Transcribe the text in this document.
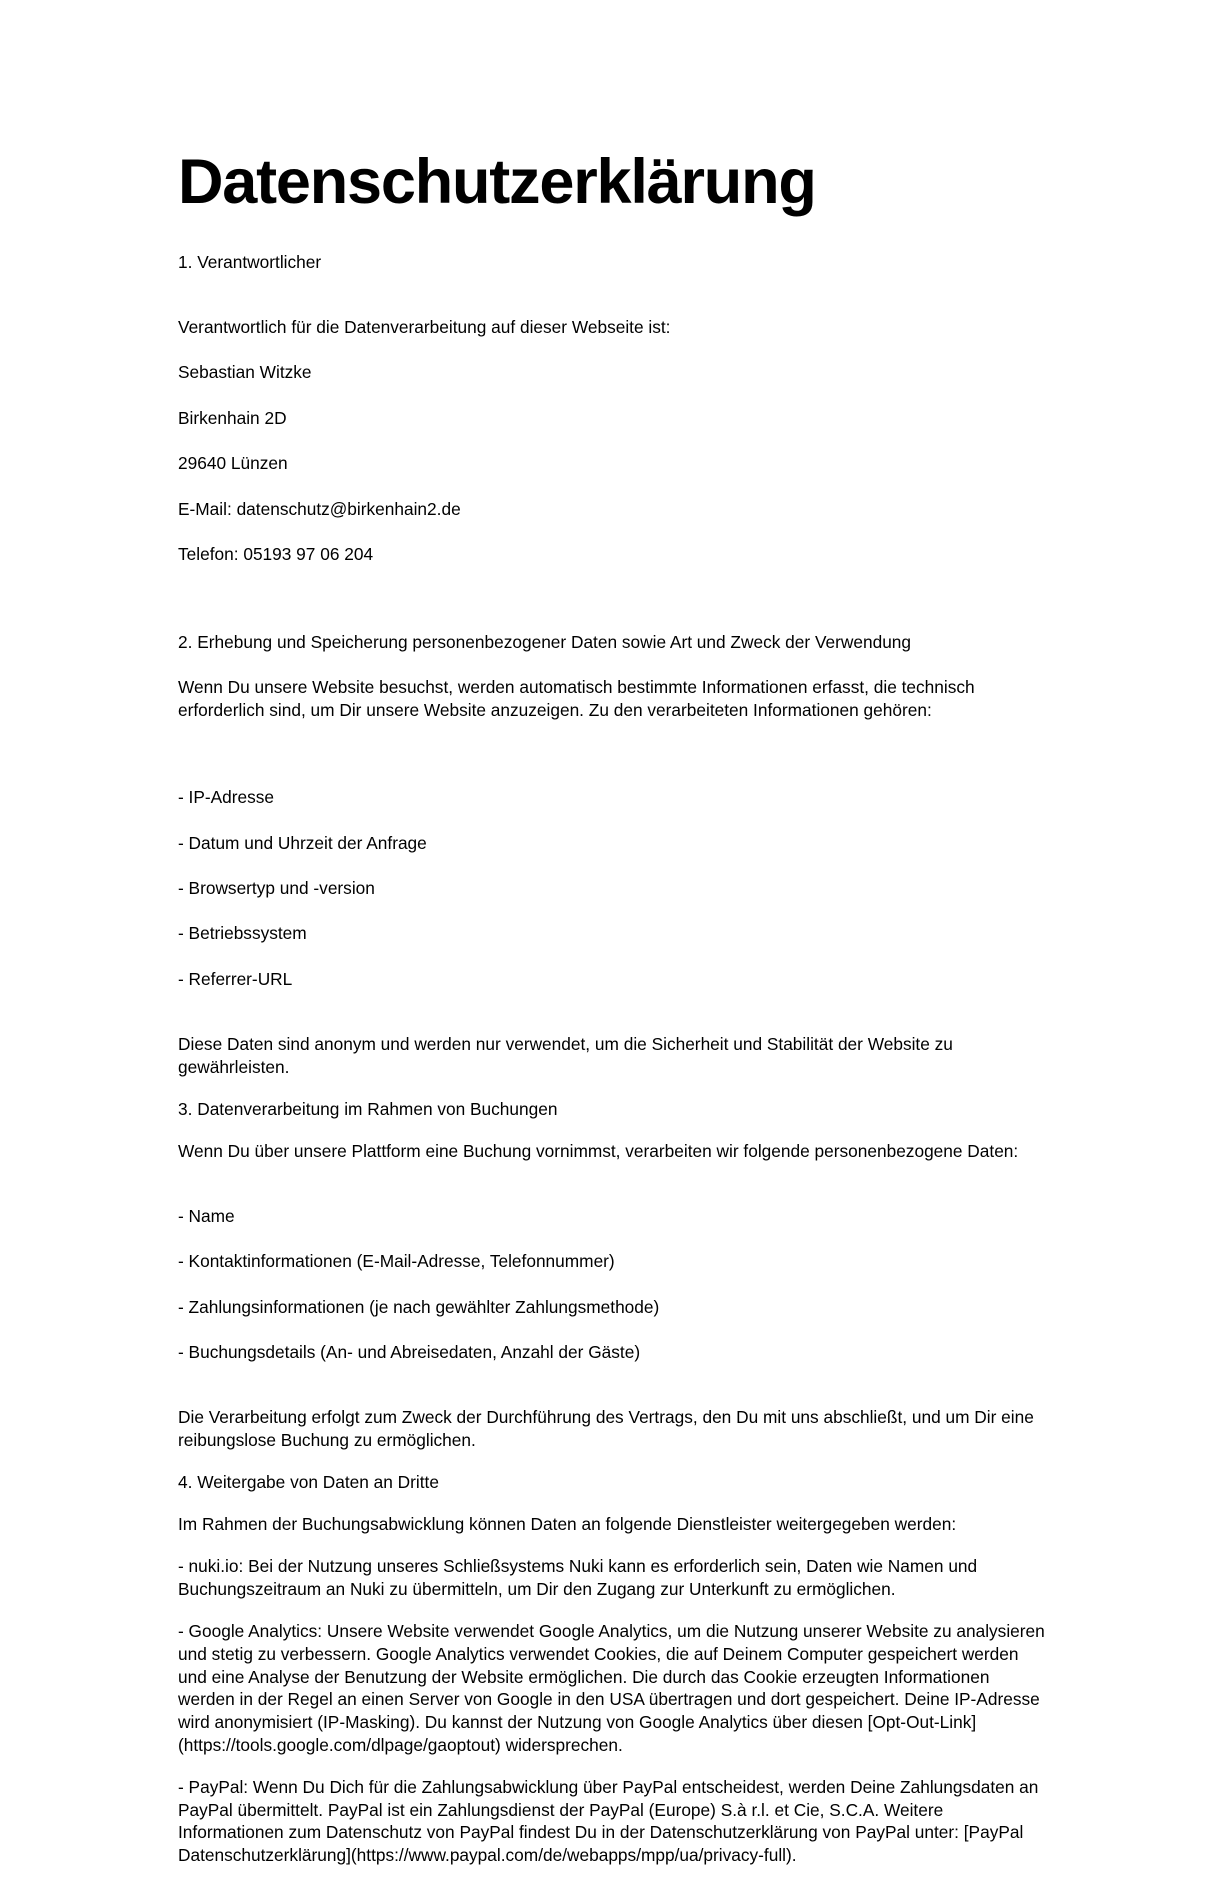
Datenschutzerklärung
1. Verantwortlicher

Verantwortlich für die Datenverarbeitung auf dieser Webseite ist:

Sebastian Witzke

Birkenhain 2D

29640 Lünzen

E-Mail: datenschutz@birkenhain2.de

Telefon: 05193 97 06 204

2. Erhebung und Speicherung personenbezogener Daten sowie Art und Zweck der Verwendung

Wenn Du unsere Website besuchst, werden automatisch bestimmte Informationen erfasst, die technisch erforderlich sind, um Dir unsere Website anzuzeigen. Zu den verarbeiteten Informationen gehören:

- IP-Adresse

- Datum und Uhrzeit der Anfrage

- Browsertyp und -version

- Betriebssystem

- Referrer-URL

Diese Daten sind anonym und werden nur verwendet, um die Sicherheit und Stabilität der Website zu gewährleisten.
3. Datenverarbeitung im Rahmen von Buchungen
Wenn Du über unsere Plattform eine Buchung vornimmst, verarbeiten wir folgende personenbezogene Daten:

- Name

- Kontaktinformationen (E-Mail-Adresse, Telefonnummer)

- Zahlungsinformationen (je nach gewählter Zahlungsmethode)

- Buchungsdetails (An- und Abreisedaten, Anzahl der Gäste)

Die Verarbeitung erfolgt zum Zweck der Durchführung des Vertrags, den Du mit uns abschließt, und um Dir eine reibungslose Buchung zu ermöglichen.
4. Weitergabe von Daten an Dritte
Im Rahmen der Buchungsabwicklung können Daten an folgende Dienstleister weitergegeben werden:
- nuki.io: Bei der Nutzung unseres Schließsystems Nuki kann es erforderlich sein, Daten wie Namen und Buchungszeitraum an Nuki zu übermitteln, um Dir den Zugang zur Unterkunft zu ermöglichen.
- Google Analytics: Unsere Website verwendet Google Analytics, um die Nutzung unserer Website zu analysieren und stetig zu verbessern. Google Analytics verwendet Cookies, die auf Deinem Computer gespeichert werden und eine Analyse der Benutzung der Website ermöglichen. Die durch das Cookie erzeugten Informationen werden in der Regel an einen Server von Google in den USA übertragen und dort gespeichert. Deine IP-Adresse wird anonymisiert (IP-Masking). Du kannst der Nutzung von Google Analytics über diesen [Opt-Out-Link](https://tools.google.com/dlpage/gaoptout) widersprechen.
- PayPal: Wenn Du Dich für die Zahlungsabwicklung über PayPal entscheidest, werden Deine Zahlungsdaten an PayPal übermittelt. PayPal ist ein Zahlungsdienst der PayPal (Europe) S.à r.l. et Cie, S.C.A. Weitere Informationen zum Datenschutz von PayPal findest Du in der Datenschutzerklärung von PayPal unter: [PayPal Datenschutzerklärung](https://www.paypal.com/de/webapps/mpp/ua/privacy-full).
